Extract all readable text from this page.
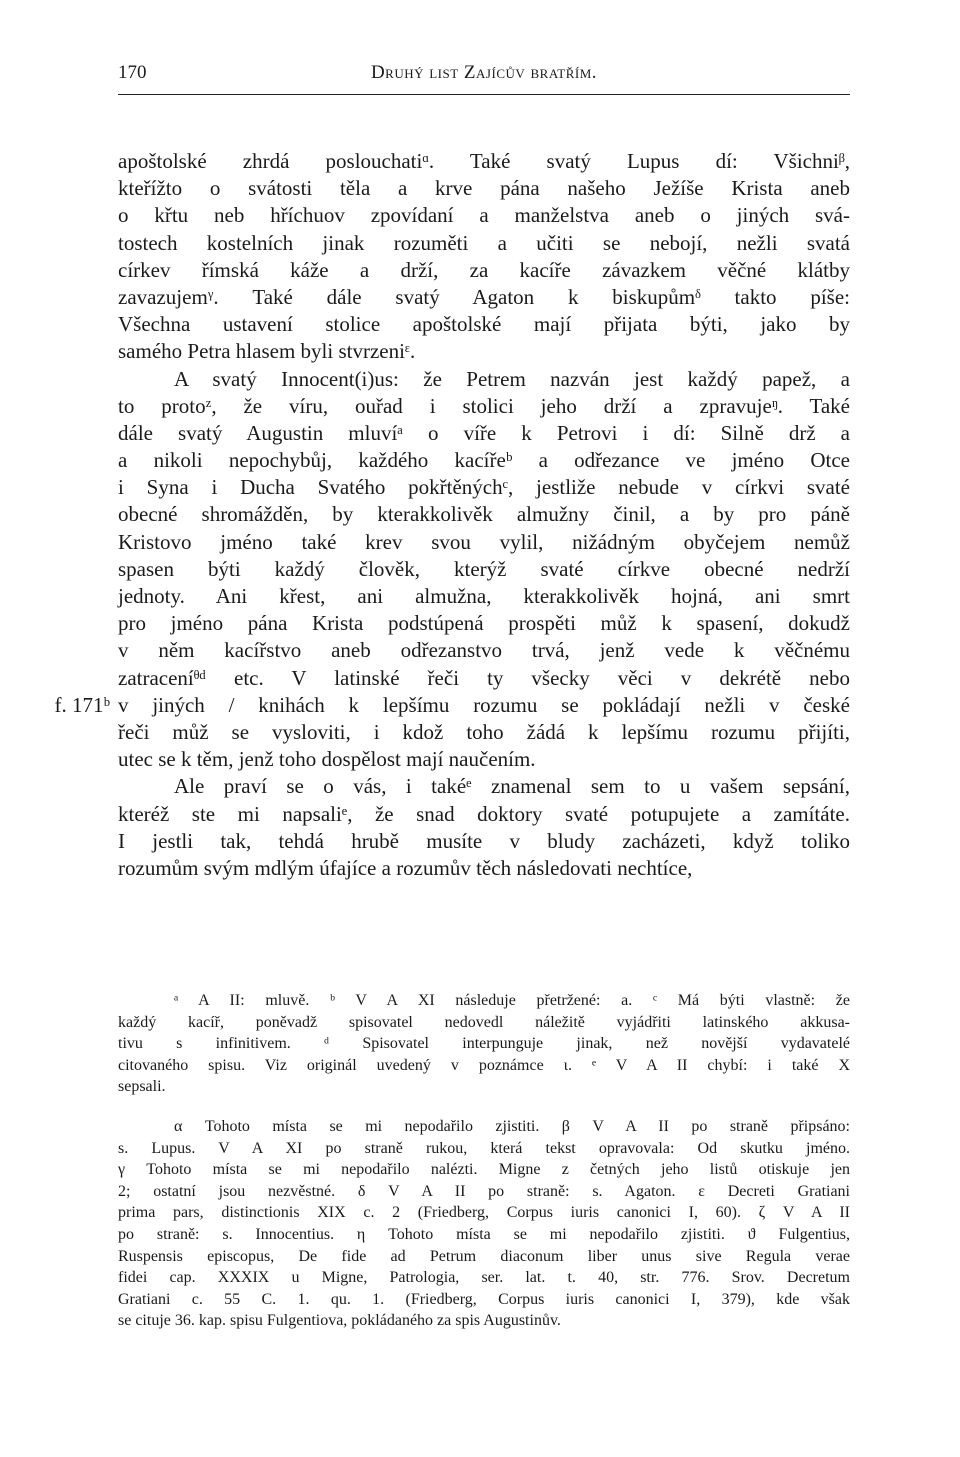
170	Druhý list Zajícův bratřím.
f. 171ᵇ
apoštolské zhrdá poslouchatiᵅ. Také svatý Lupus dí: Všichniᵝ,
kteřížto o svátosti těla a krve pána našeho Ježíše Krista aneb
o křtu neb hříchuov zpovídaní a manželstva aneb o jiných svá-
tostech kostelních jinak rozuměti a učiti se nebojí, nežli svatá
církev římská káže a drží, za kacíře závazkem věčné klátby
zavazujemᵞ. Také dále svatý Agaton k biskupůmᵟ takto píše:
Všechna ustavení stolice apoštolské mají přijata býti, jako by
samého Petra hlasem byli stvrzeniᵋ.
A svatý Innocent(i)us: že Petrem nazván jest každý papež, a
to protoᶻ, že víru, ouřad i stolici jeho drží a zpravujeᵑ. Také
dále svatý Augustin mluvíᵃ o víře k Petrovi i dí: Silně drž a
a nikoli nepochybůj, každého kacířeᵇ a odřezance ve jméno Otce
i Syna i Ducha Svatého pokřtěnýchᶜ, jestliže nebude v církvi svaté
obecné shromážděn, by kterakkolivěk almužny činil, a by pro páně
Kristovo jméno také krev svou vylil, nižádným obyčejem nemůž
spasen býti každý člověk, kterýž svaté církve obecné nedrží
jednoty. Ani křest, ani almužna, kterakkolivěk hojná, ani smrt
pro jméno pána Krista podstúpená prospěti můž k spasení, dokudž
v něm kacířstvo aneb odřezanstvo trvá, jenž vede k věčnému
zatraceníᶿᵈ etc. V latinské řeči ty všecky věci v dekrétě nebo
v jiných / knihách k lepšímu rozumu se pokládají nežli v české
řeči můž se vysloviti, i kdož toho žádá k lepšímu rozumu přijíti,
utec se k těm, jenž toho dospělost mají naučením.
Ale praví se o vás, i takéᵉ znamenal sem to u vašem sepsání,
kteréž ste mi napsaliᵉ, že snad doktory svaté potupujete a zamítáte.
I jestli tak, tehdá hrubě musíte v bludy zacházeti, když toliko
rozumům svým mdlým úfajíce a rozumův těch následovati nechtíce,
ᵃ A II: mluvě. ᵇ V A XI následuje přetržené: a. ᶜ Má býti vlastně: že
každý kacíř, poněvadž spisovatel nedovedl náležitě vyjádřiti latinského akkusa-
tivu s infinitivem. ᵈ Spisovatel interpunguje jinak, než novější vydavatelé
citovaného spisu. Viz originál uvedený v poznámce ι. ᵉ V A II chybí: i také X
sepsali.
α Tohoto místa se mi nepodařilo zjistiti. β V A II po straně připsáno:
s. Lupus. V A XI po straně rukou, která tekst opravovala: Od skutku jméno.
γ Tohoto místa se mi nepodařilo nalézti. Migne z četných jeho listů otiskuje jen
2; ostatní jsou nezvěstné. δ V A II po straně: s. Agaton. ε Decreti Gratiani
prima pars, distinctionis XIX c. 2 (Friedberg, Corpus iuris canonici I, 60). ζ V A II
po straně: s. Innocentius. η Tohoto místa se mi nepodařilo zjistiti. ϑ Fulgentius,
Ruspensis episcopus, De fide ad Petrum diaconum liber unus sive Regula verae
fidei cap. XXXIX u Migne, Patrologia, ser. lat. t. 40, str. 776. Srov. Decretum
Gratiani c. 55 C. 1. qu. 1. (Friedberg, Corpus iuris canonici I, 379), kde však
se cituje 36. kap. spisu Fulgentiova, pokládaného za spis Augustinův.
